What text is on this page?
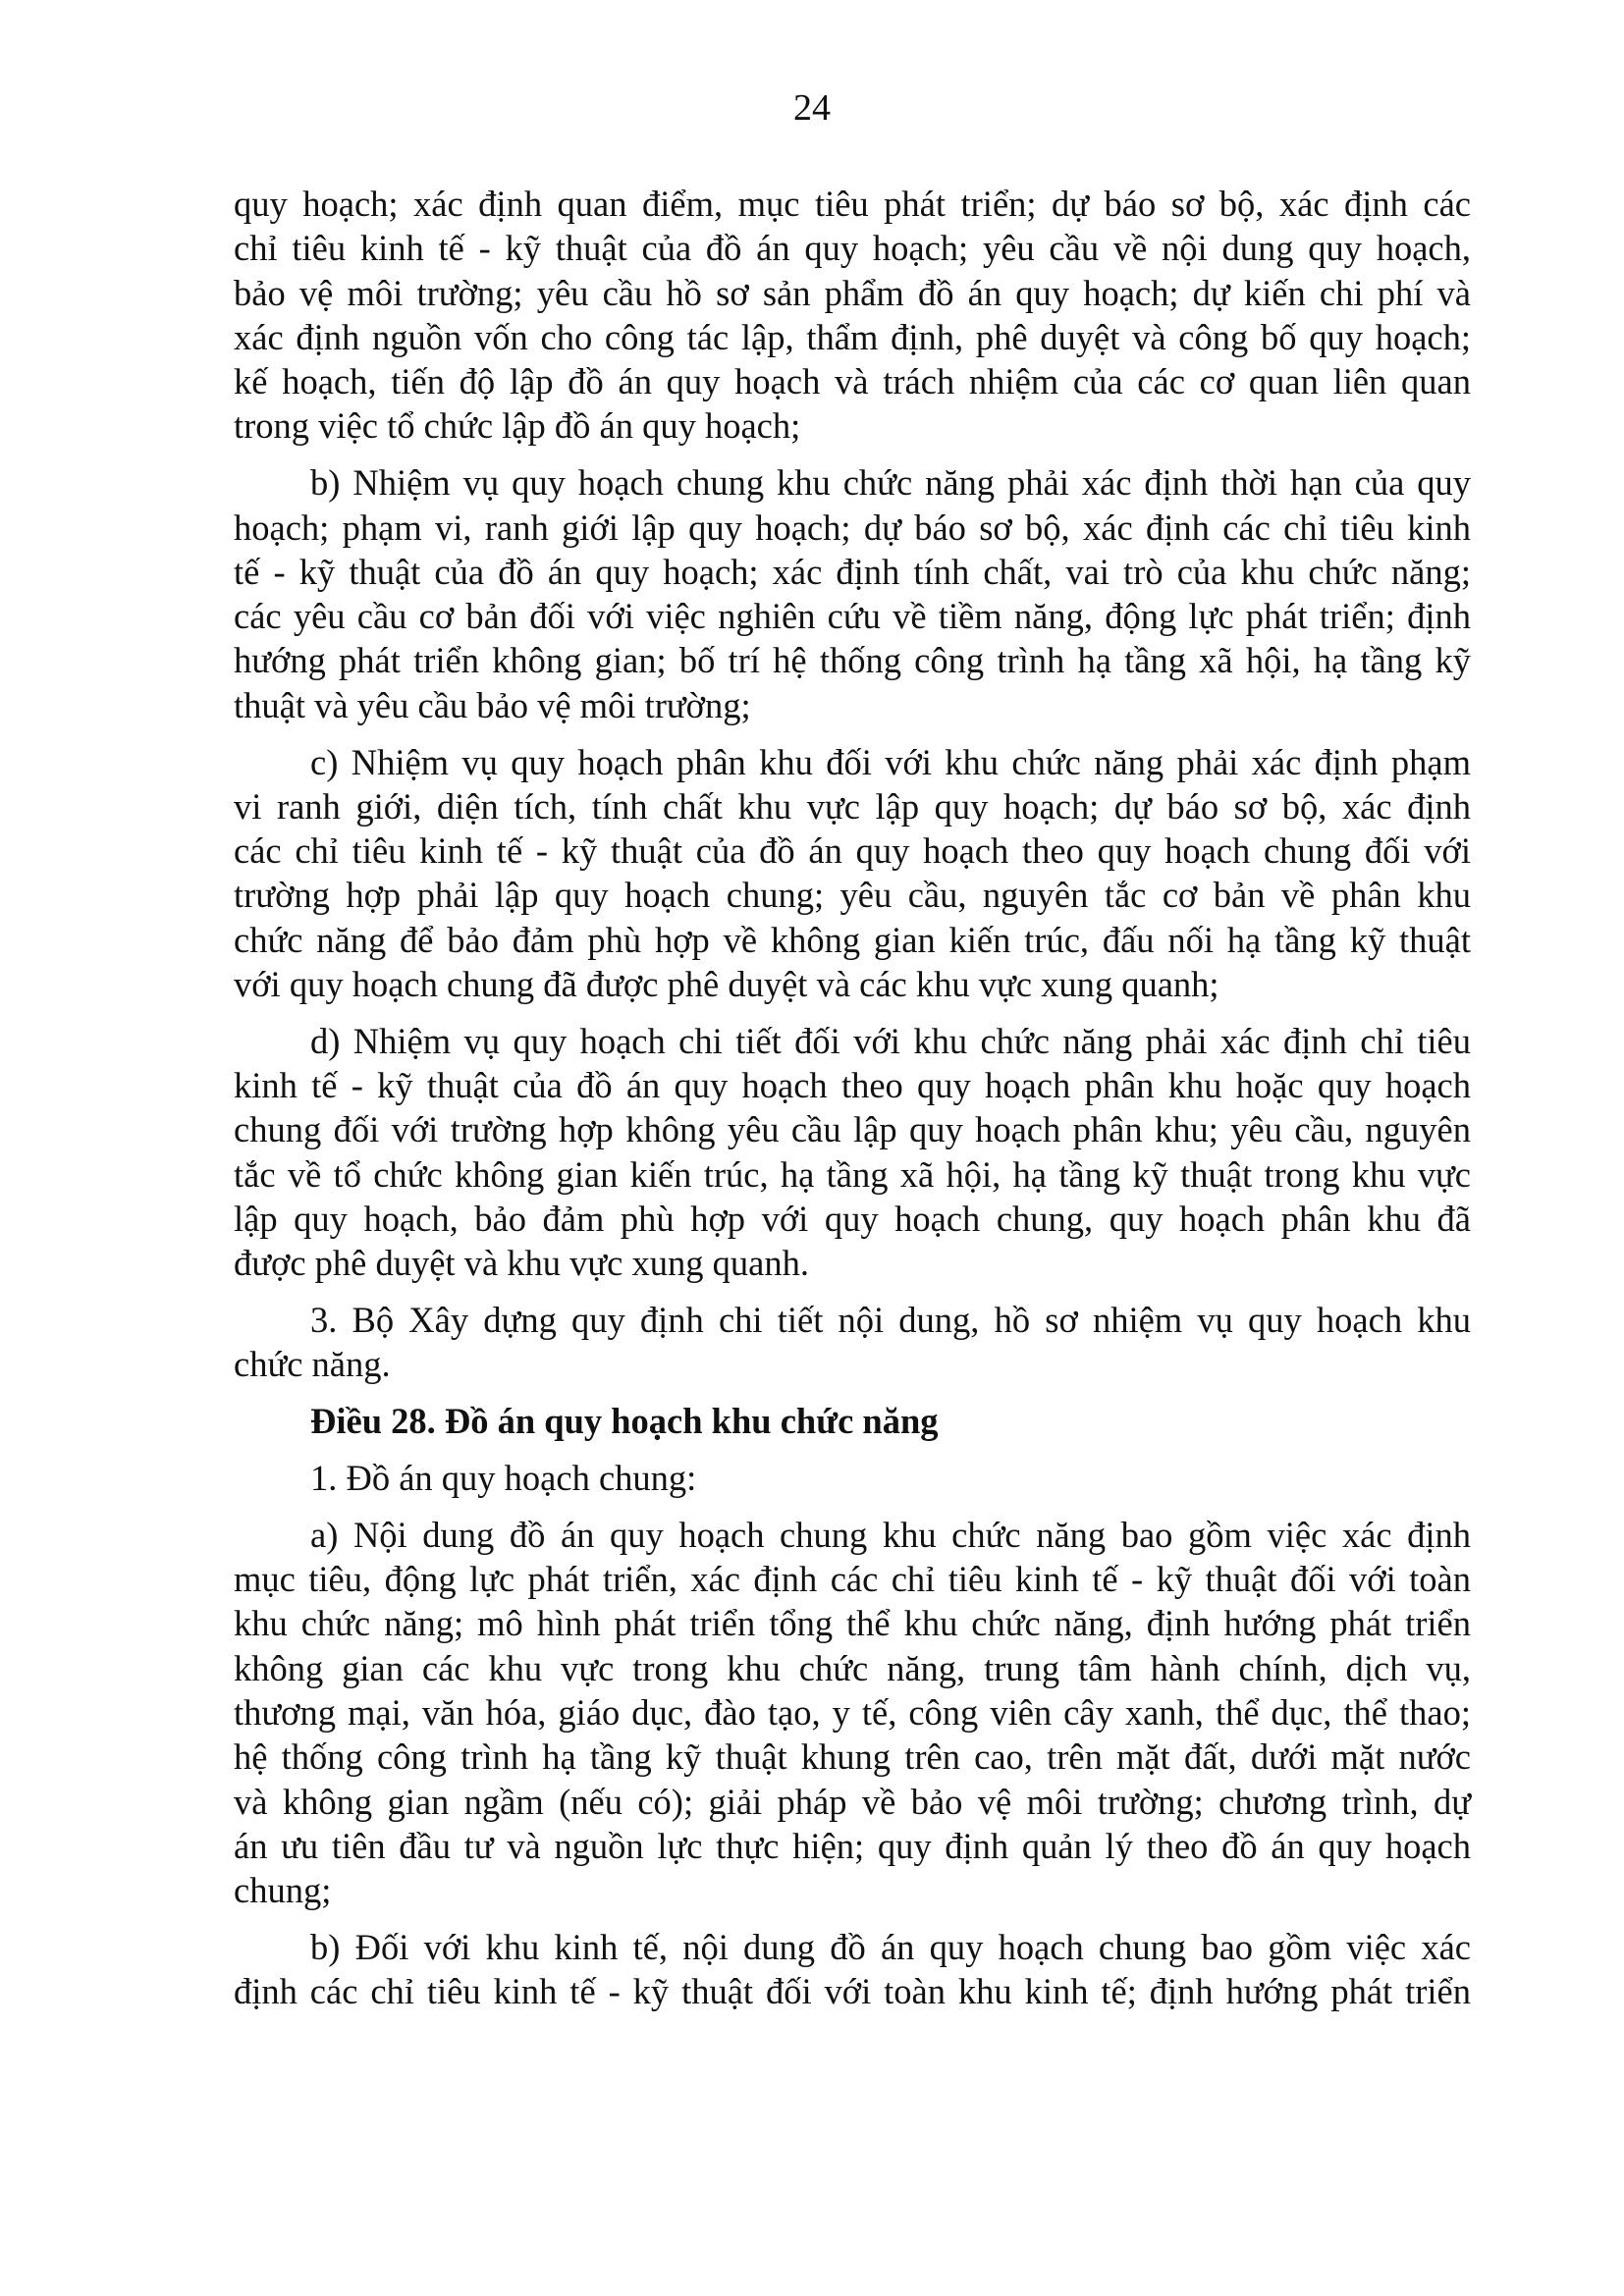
24
quy hoạch; xác định quan điểm, mục tiêu phát triển; dự báo sơ bộ, xác định các
chỉ tiêu kinh tế - kỹ thuật của đồ án quy hoạch; yêu cầu về nội dung quy hoạch,
bảo vệ môi trường; yêu cầu hồ sơ sản phẩm đồ án quy hoạch; dự kiến chi phí và
xác định nguồn vốn cho công tác lập, thẩm định, phê duyệt và công bố quy hoạch;
kế hoạch, tiến độ lập đồ án quy hoạch và trách nhiệm của các cơ quan liên quan
trong việc tổ chức lập đồ án quy hoạch;
b) Nhiệm vụ quy hoạch chung khu chức năng phải xác định thời hạn của quy
hoạch; phạm vi, ranh giới lập quy hoạch; dự báo sơ bộ, xác định các chỉ tiêu kinh
tế - kỹ thuật của đồ án quy hoạch; xác định tính chất, vai trò của khu chức năng;
các yêu cầu cơ bản đối với việc nghiên cứu về tiềm năng, động lực phát triển; định
hướng phát triển không gian; bố trí hệ thống công trình hạ tầng xã hội, hạ tầng kỹ
thuật và yêu cầu bảo vệ môi trường;
c) Nhiệm vụ quy hoạch phân khu đối với khu chức năng phải xác định phạm
vi ranh giới, diện tích, tính chất khu vực lập quy hoạch; dự báo sơ bộ, xác định
các chỉ tiêu kinh tế - kỹ thuật của đồ án quy hoạch theo quy hoạch chung đối với
trường hợp phải lập quy hoạch chung; yêu cầu, nguyên tắc cơ bản về phân khu
chức năng để bảo đảm phù hợp về không gian kiến trúc, đấu nối hạ tầng kỹ thuật
với quy hoạch chung đã được phê duyệt và các khu vực xung quanh;
d) Nhiệm vụ quy hoạch chi tiết đối với khu chức năng phải xác định chỉ tiêu
kinh tế - kỹ thuật của đồ án quy hoạch theo quy hoạch phân khu hoặc quy hoạch
chung đối với trường hợp không yêu cầu lập quy hoạch phân khu; yêu cầu, nguyên
tắc về tổ chức không gian kiến trúc, hạ tầng xã hội, hạ tầng kỹ thuật trong khu vực
lập quy hoạch, bảo đảm phù hợp với quy hoạch chung, quy hoạch phân khu đã
được phê duyệt và khu vực xung quanh.
3. Bộ Xây dựng quy định chi tiết nội dung, hồ sơ nhiệm vụ quy hoạch khu
chức năng.
Điều 28. Đồ án quy hoạch khu chức năng
1. Đồ án quy hoạch chung:
a) Nội dung đồ án quy hoạch chung khu chức năng bao gồm việc xác định
mục tiêu, động lực phát triển, xác định các chỉ tiêu kinh tế - kỹ thuật đối với toàn
khu chức năng; mô hình phát triển tổng thể khu chức năng, định hướng phát triển
không gian các khu vực trong khu chức năng, trung tâm hành chính, dịch vụ,
thương mại, văn hóa, giáo dục, đào tạo, y tế, công viên cây xanh, thể dục, thể thao;
hệ thống công trình hạ tầng kỹ thuật khung trên cao, trên mặt đất, dưới mặt nước
và không gian ngầm (nếu có); giải pháp về bảo vệ môi trường; chương trình, dự
án ưu tiên đầu tư và nguồn lực thực hiện; quy định quản lý theo đồ án quy hoạch
chung;
b) Đối với khu kinh tế, nội dung đồ án quy hoạch chung bao gồm việc xác
định các chỉ tiêu kinh tế - kỹ thuật đối với toàn khu kinh tế; định hướng phát triển
